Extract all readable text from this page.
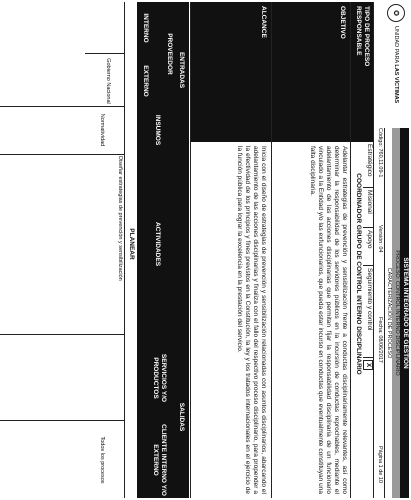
✪
UNIDAD PARA LAS VÍCTIMAS
SISTEMA INTEGRADO DE GESTIÓN
PROCESO: CONTROL INTERNO DISCIPLINARIO
CARACTERIZACIÓN DE PROCESO
Código: 760,11.09-1
Versión: 04
Fecha: 08/06/2017
Página 1 de 10
TIPO DE PROCESO
RESPONSABLE
Estratégico
Misional
Apoyo
Seguimiento y control
X
COORDINADOR GRUPO DE CONTROL INTERNO DISCIPLINARIO
OBJETIVO
Adelantar estrategias de prevención y sensibilización frente a conductas disciplinariamente relevantes, así como determinar la responsabilidad de los servidores públicos en la incursión de conductas reprochables, mediante el adelantamiento de las acciones disciplinarias que permitan fijar la responsabilidad disciplinaria de un funcionario vinculado a la Entidad y/o las exfuncionarios, que pueda estar incurso en conductas que eventualmente constituyan una falta disciplinaria.
ALCANCE
Inicia con el diseño de estrategias de prevención y sensibilización relacionadas con asuntos disciplinarios, abarcando el adelantamiento de las acciones disciplinarias y finaliza con el fallo del respectivo proceso disciplinario, para propender a la efectividad de los principios y fines previstos en la Constitución, la ley y los tratados internacionales en el ejercicio de la función pública para lograr la excelencia en la prestación del servicio.
ENTRADAS
PROVEEDOR
INTERNO
EXTERNO
INSUMOS
ACTIVIDADES
SALIDAS
SERVICIOS Y/O PRODUCTOS
CLIENTE INTERNO Y/O EXTERNO
PLANEAR
Gobierno Nacional
Normatividad
Diseñar estrategias de prevención y sensibilización
Todos los procesos
